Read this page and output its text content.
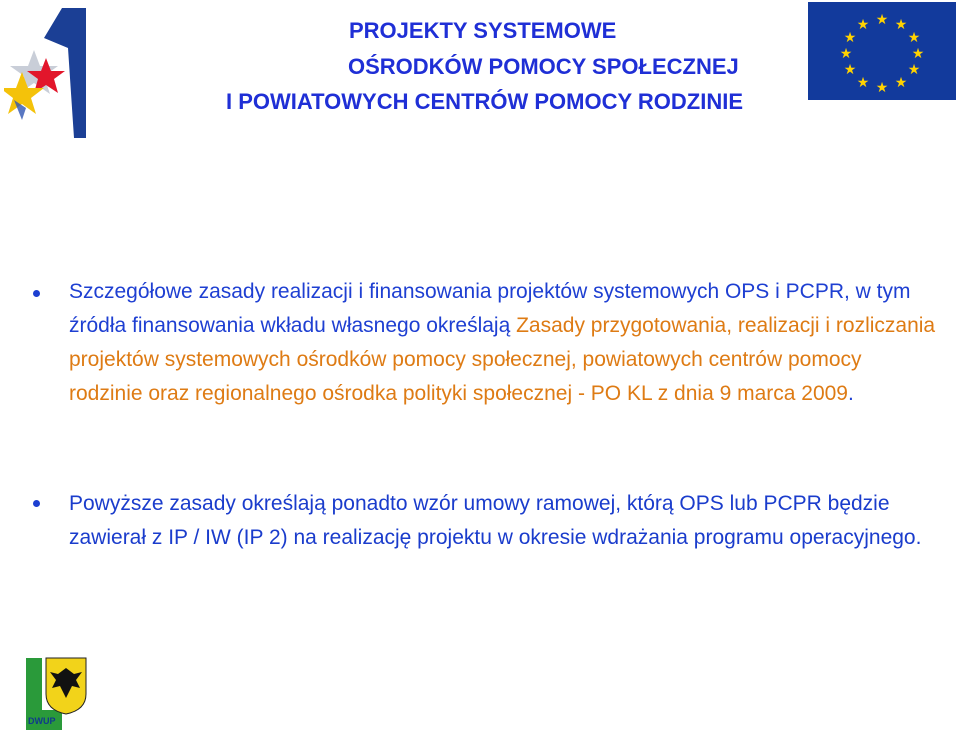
★ ★
★
★
★
★
★
★
★
★
★
★
PROJEKTY SYSTEMOWE
OŚRODKÓW POMOCY SPOŁECZNEJ
I POWIATOWYCH CENTRÓW POMOCY RODZINIE
Szczegółowe zasady realizacji i finansowania projektów systemowych OPS i PCPR, w tym źródła finansowania wkładu własnego określają Zasady przygotowania, realizacji i rozliczania projektów systemowych ośrodków pomocy społecznej, powiatowych centrów pomocy rodzinie oraz regionalnego ośrodka polityki społecznej - PO KL z dnia 9 marca 2009.
Powyższe zasady określają ponadto wzór umowy ramowej, którą OPS lub PCPR będzie zawierał z IP / IW (IP 2) na realizację projektu w okresie wdrażania programu operacyjnego.
DWUP
